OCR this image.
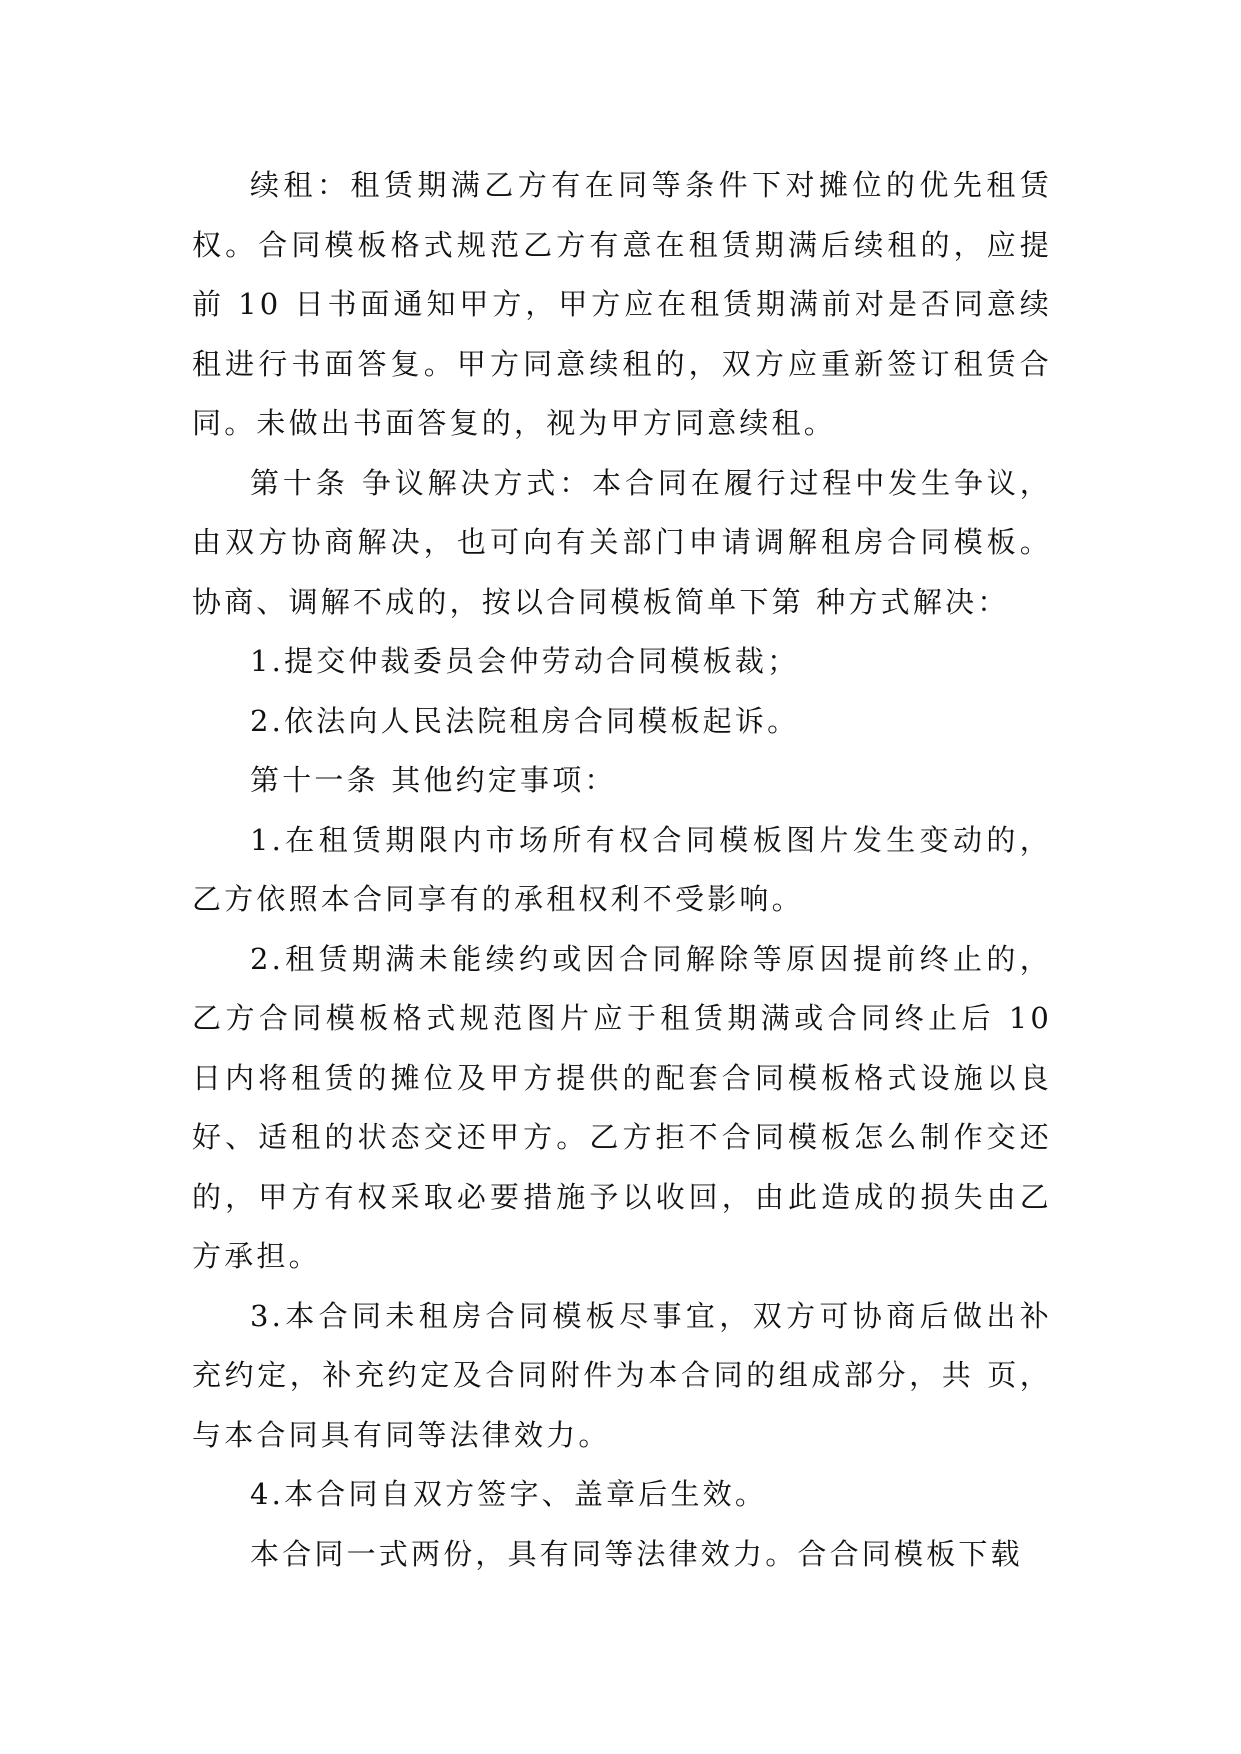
续租：租赁期满乙方有在同等条件下对摊位的优先租赁权。合同模板格式规范乙方有意在租赁期满后续租的，应提前 10 日书面通知甲方，甲方应在租赁期满前对是否同意续租进行书面答复。甲方同意续租的，双方应重新签订租赁合同。未做出书面答复的，视为甲方同意续租。

第十条 争议解决方式：本合同在履行过程中发生争议，由双方协商解决，也可向有关部门申请调解租房合同模板。协商、调解不成的，按以合同模板简单下第 种方式解决：

1.提交仲裁委员会仲劳动合同模板裁；

2.依法向人民法院租房合同模板起诉。

第十一条 其他约定事项：

1.在租赁期限内市场所有权合同模板图片发生变动的，乙方依照本合同享有的承租权利不受影响。

2.租赁期满未能续约或因合同解除等原因提前终止的，乙方合同模板格式规范图片应于租赁期满或合同终止后 10 日内将租赁的摊位及甲方提供的配套合同模板格式设施以良好、适租的状态交还甲方。乙方拒不合同模板怎么制作交还的，甲方有权采取必要措施予以收回，由此造成的损失由乙方承担。

3.本合同未租房合同模板尽事宜，双方可协商后做出补充约定，补充约定及合同附件为本合同的组成部分，共 页，与本合同具有同等法律效力。

4.本合同自双方签字、盖章后生效。

本合同一式两份，具有同等法律效力。合合同模板下载
